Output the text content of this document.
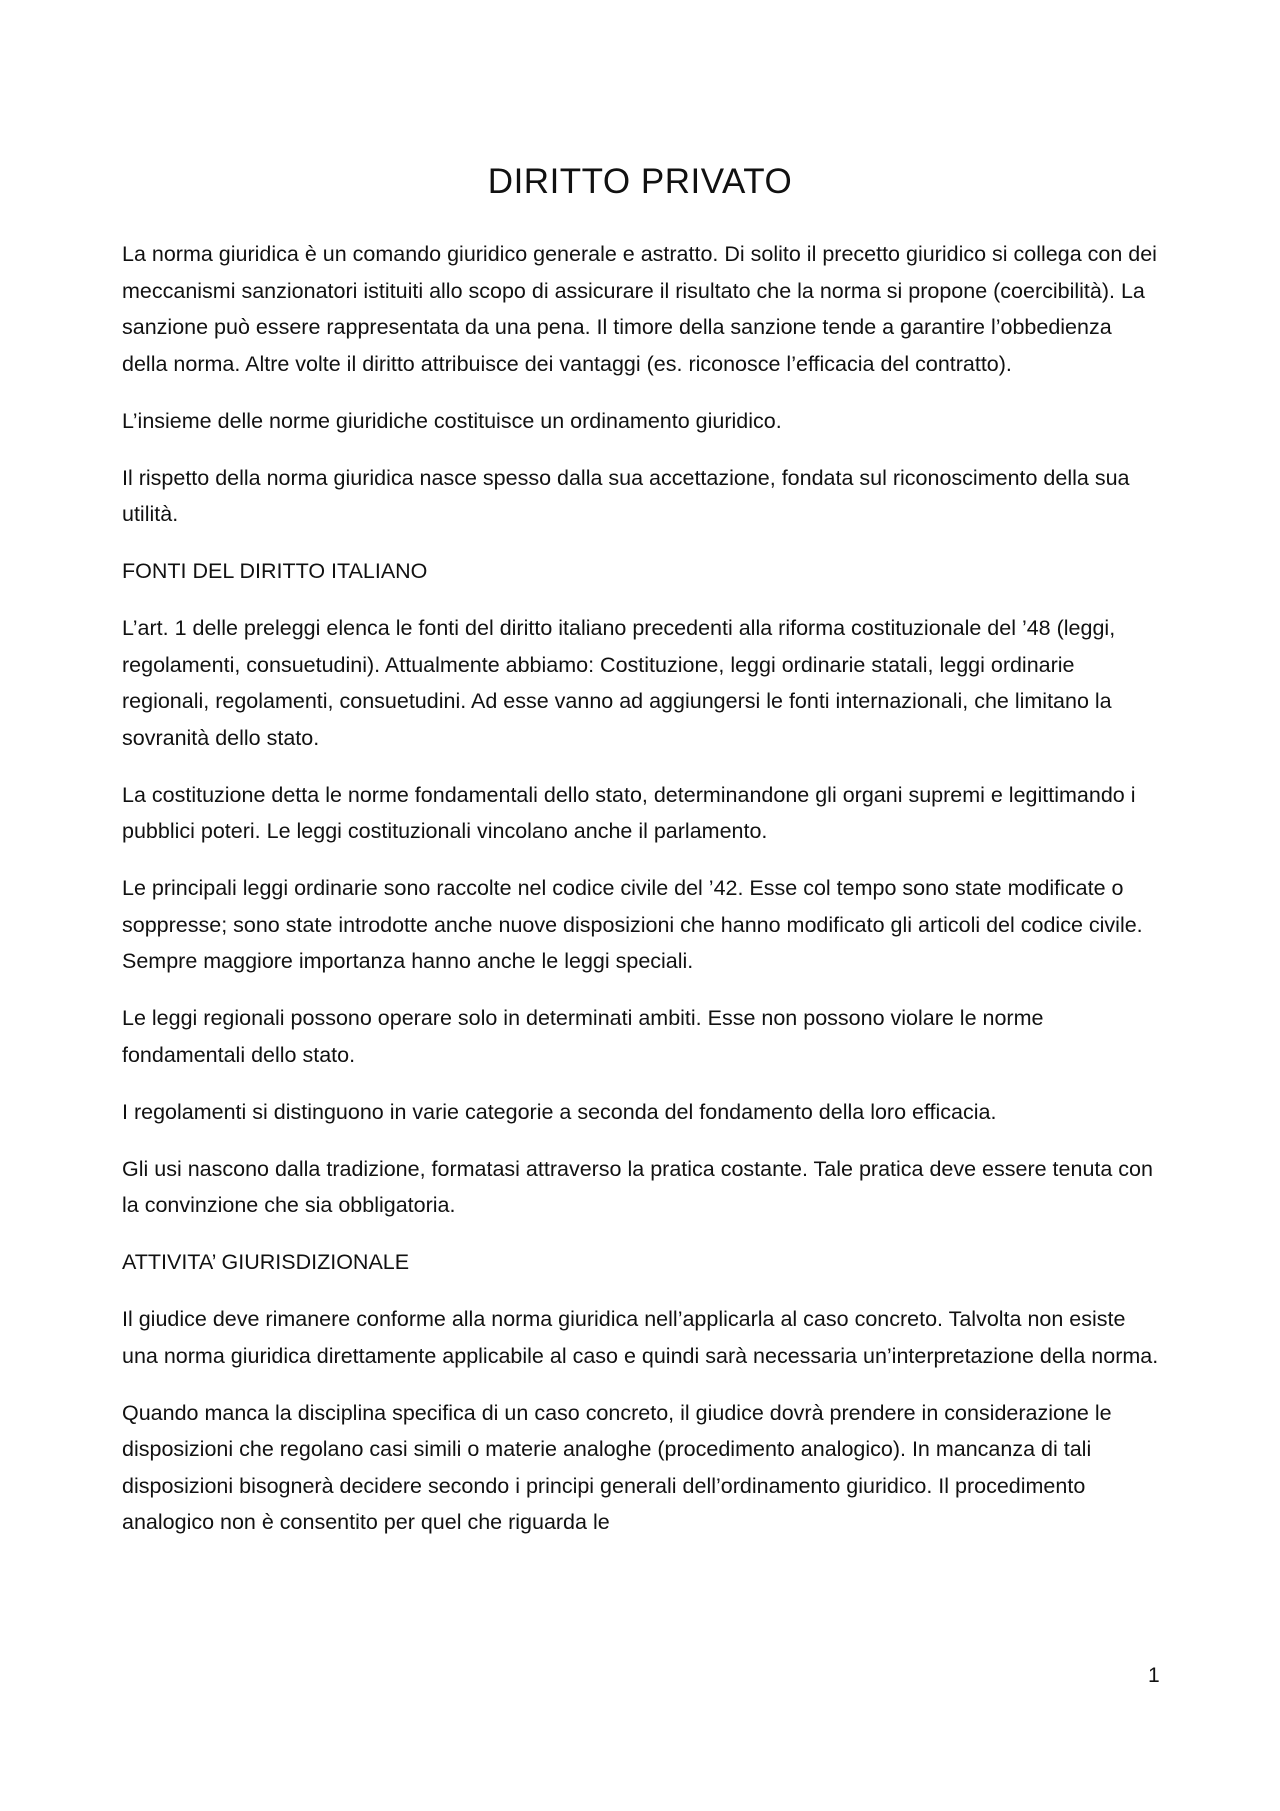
DIRITTO PRIVATO

La norma giuridica è un comando giuridico generale e astratto. Di solito il precetto giuridico si collega con dei meccanismi sanzionatori istituiti allo scopo di assicurare il risultato che la norma si propone (coercibilità). La sanzione può essere rappresentata da una pena. Il timore della sanzione tende a garantire l’obbedienza della norma. Altre volte il diritto attribuisce dei vantaggi (es. riconosce l’efficacia del contratto).

L’insieme delle norme giuridiche costituisce un ordinamento giuridico.

Il rispetto della norma giuridica nasce spesso dalla sua accettazione, fondata sul riconoscimento della sua utilità.

FONTI DEL DIRITTO ITALIANO

L’art. 1 delle preleggi elenca le fonti del diritto italiano precedenti alla riforma costituzionale del ’48 (leggi, regolamenti, consuetudini). Attualmente abbiamo: Costituzione, leggi ordinarie statali, leggi ordinarie regionali, regolamenti, consuetudini. Ad esse vanno ad aggiungersi le fonti internazionali, che limitano la sovranità dello stato.

La costituzione detta le norme fondamentali dello stato, determinandone gli organi supremi e legittimando i pubblici poteri. Le leggi costituzionali vincolano anche il parlamento.

Le principali leggi ordinarie sono raccolte nel codice civile del ’42. Esse col tempo sono state modificate o soppresse; sono state introdotte anche nuove disposizioni che hanno modificato gli articoli del codice civile. Sempre maggiore importanza hanno anche le leggi speciali.

Le leggi regionali possono operare solo in determinati ambiti. Esse non possono violare le norme fondamentali dello stato.

I regolamenti si distinguono in varie categorie a seconda del fondamento della loro efficacia.

Gli usi nascono dalla tradizione, formatasi attraverso la pratica costante. Tale pratica deve essere tenuta con la convinzione che sia obbligatoria.

ATTIVITA’ GIURISDIZIONALE

Il giudice deve rimanere conforme alla norma giuridica nell’applicarla al caso concreto. Talvolta non esiste una norma giuridica direttamente applicabile al caso e quindi sarà necessaria un’interpretazione della norma.

Quando manca la disciplina specifica di un caso concreto, il giudice dovrà prendere in considerazione le disposizioni che regolano casi simili o materie analoghe (procedimento analogico). In mancanza di tali disposizioni bisognerà decidere secondo i principi generali dell’ordinamento giuridico. Il procedimento analogico non è consentito per quel che riguarda le

1
